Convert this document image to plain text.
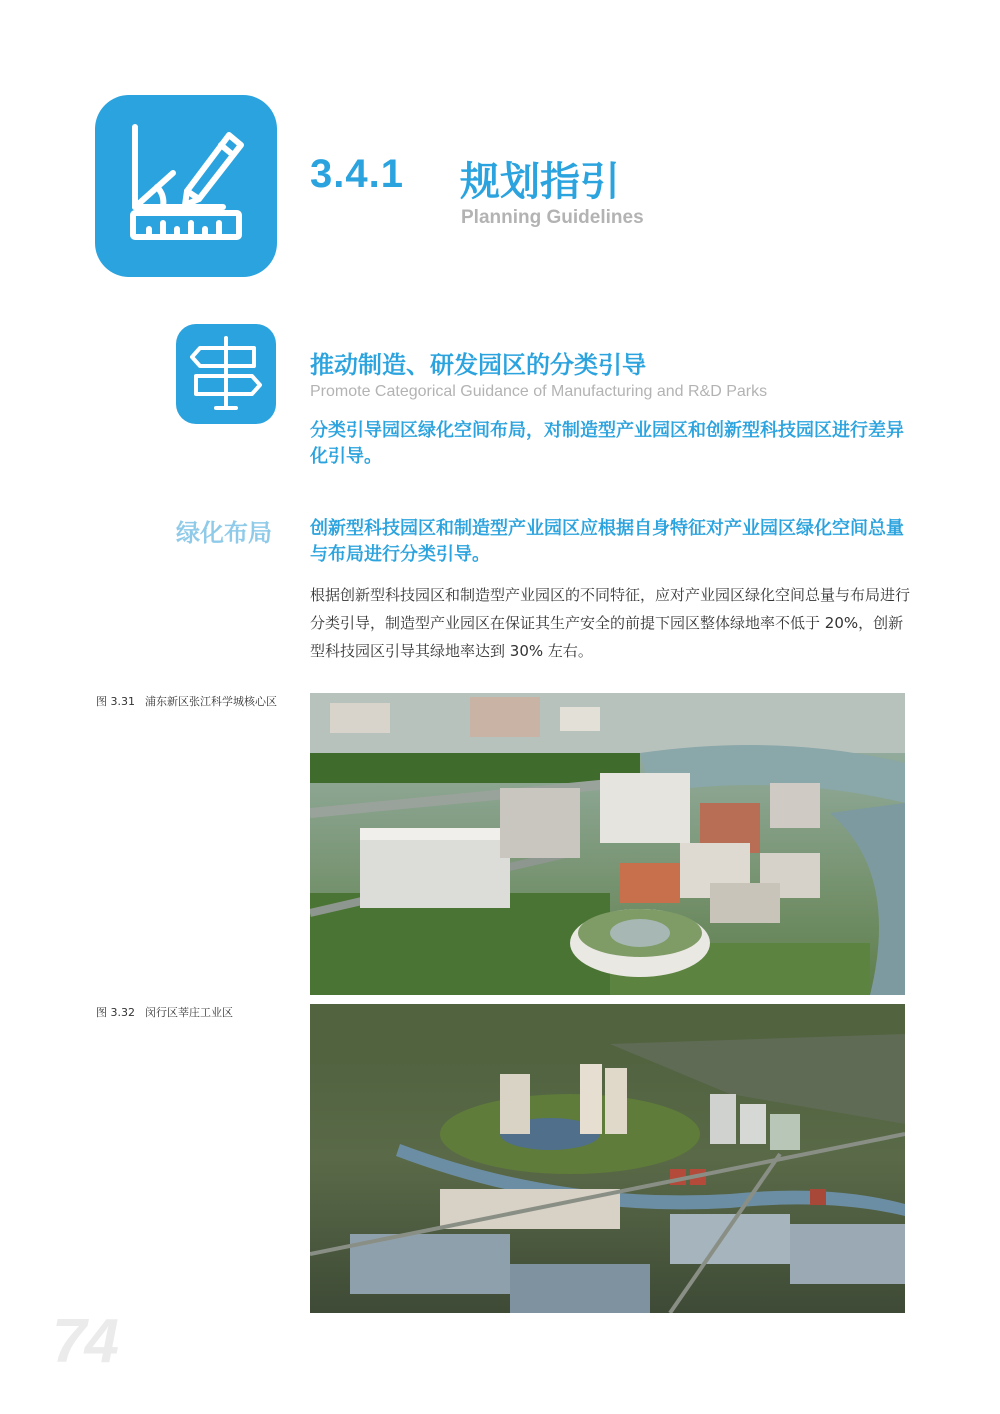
3.4.1 规划指引
Planning Guidelines
推动制造、研发园区的分类引导
Promote Categorical Guidance of Manufacturing and R&D Parks
分类引导园区绿化空间布局，对制造型产业园区和创新型科技园区进行差异化引导。
绿化布局 创新型科技园区和制造型产业园区应根据自身特征对产业园区绿化空间总量与布局进行分类引导。
根据创新型科技园区和制造型产业园区的不同特征，应对产业园区绿化空间总量与布局进行分类引导，制造型产业园区在保证其生产安全的前提下园区整体绿地率不低于 20%，创新型科技园区引导其绿地率达到 30% 左右。
图 3.31 浦东新区张江科学城核心区
图 3.32 闵行区莘庄工业区
74
